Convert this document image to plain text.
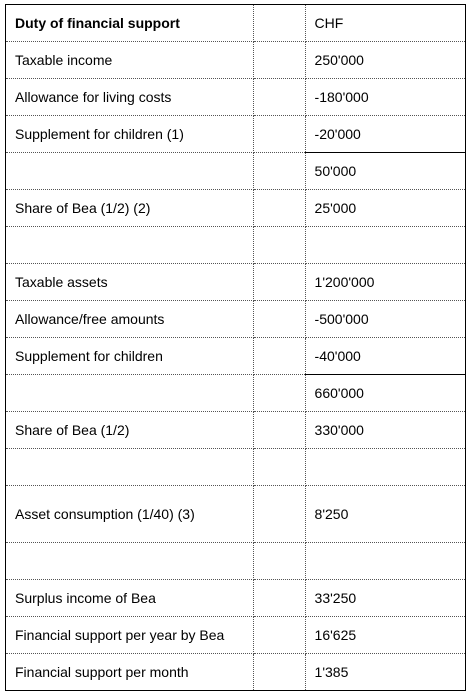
Duty of financial support		CHF
Taxable income		250'000
Allowance for living costs		-180'000
Supplement for children (1)		-20'000
		50'000
Share of Bea (1/2) (2)		25'000

Taxable assets		1'200'000
Allowance/free amounts		-500'000
Supplement for children		-40'000
		660'000
Share of Bea (1/2)		330'000

Asset consumption (1/40) (3)		8'250

Surplus income of Bea		33'250
Financial support per year by Bea		16'625
Financial support per month		1'385
